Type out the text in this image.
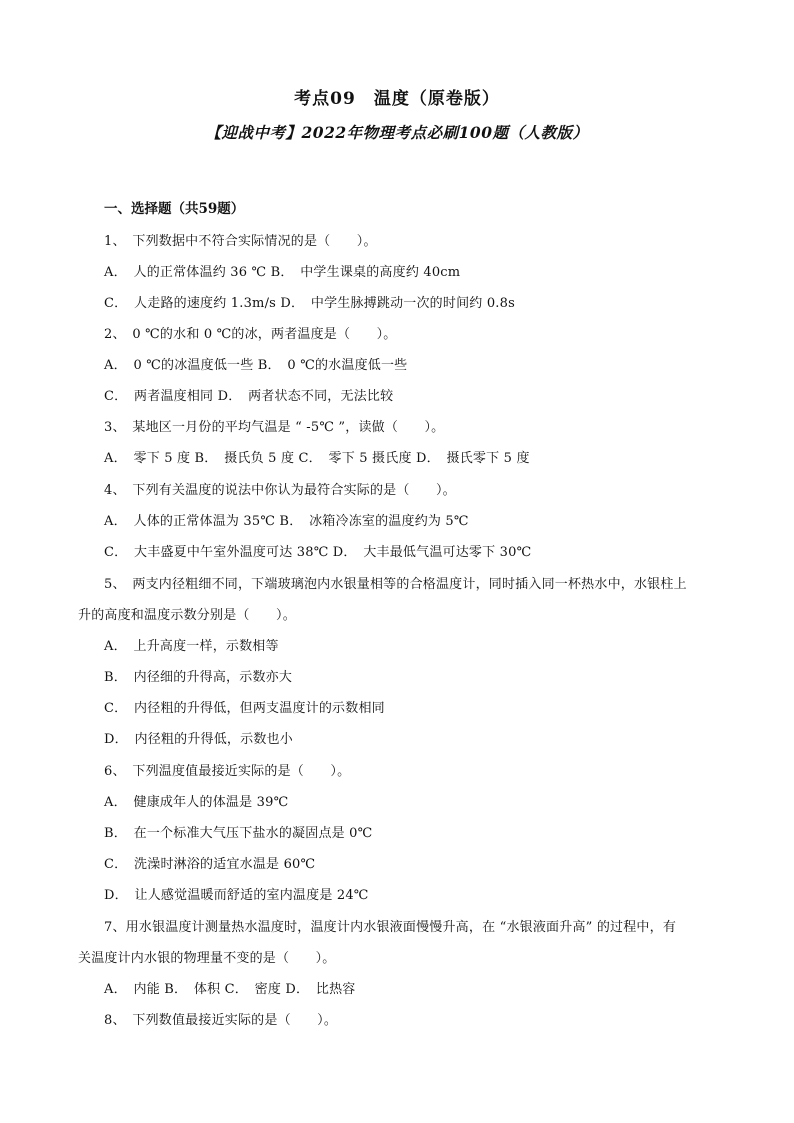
考点09　温度（原卷版）
【迎战中考】2022年物理考点必刷100题（人教版）
一、选择题（共59题）
1、　下列数据中不符合实际情况的是（　　）。
A．　人的正常体温约 36 ℃ B．　中学生课桌的高度约 40cm
C．　人走路的速度约 1.3m/s D．　中学生脉搏跳动一次的时间约 0.8s
2、　0 ℃的水和 0 ℃的冰，两者温度是（　　）。
A．　0 ℃的冰温度低一些 B．　0 ℃的水温度低一些
C．　两者温度相同 D．　两者状态不同，无法比较
3、　某地区一月份的平均气温是 “ -5℃ ”，读做（　　）。
A．　零下 5 度 B．　摄氏负 5 度 C．　零下 5 摄氏度 D．　摄氏零下 5 度
4、　下列有关温度的说法中你认为最符合实际的是（　　）。
A．　人体的正常体温为 35℃ B．　冰箱冷冻室的温度约为 5℃
C．　大丰盛夏中午室外温度可达 38℃ D．　大丰最低气温可达零下 30℃
5、　两支内径粗细不同，下端玻璃泡内水银量相等的合格温度计，同时插入同一杯热水中，水银柱上
升的高度和温度示数分别是（　　）。
A．　上升高度一样，示数相等
B．　内径细的升得高，示数亦大
C．　内径粗的升得低，但两支温度计的示数相同
D．　内径粗的升得低，示数也小
6、　下列温度值最接近实际的是（　　）。
A．　健康成年人的体温是 39℃
B．　在一个标准大气压下盐水的凝固点是 0℃
C．　洗澡时淋浴的适宜水温是 60℃
D．　让人感觉温暖而舒适的室内温度是 24℃
7、用水银温度计测量热水温度时，温度计内水银液面慢慢升高，在 “水银液面升高” 的过程中，有
关温度计内水银的物理量不变的是（　　）。
A．　内能 B．　体积 C．　密度 D．　比热容
8、　下列数值最接近实际的是（　　）。
